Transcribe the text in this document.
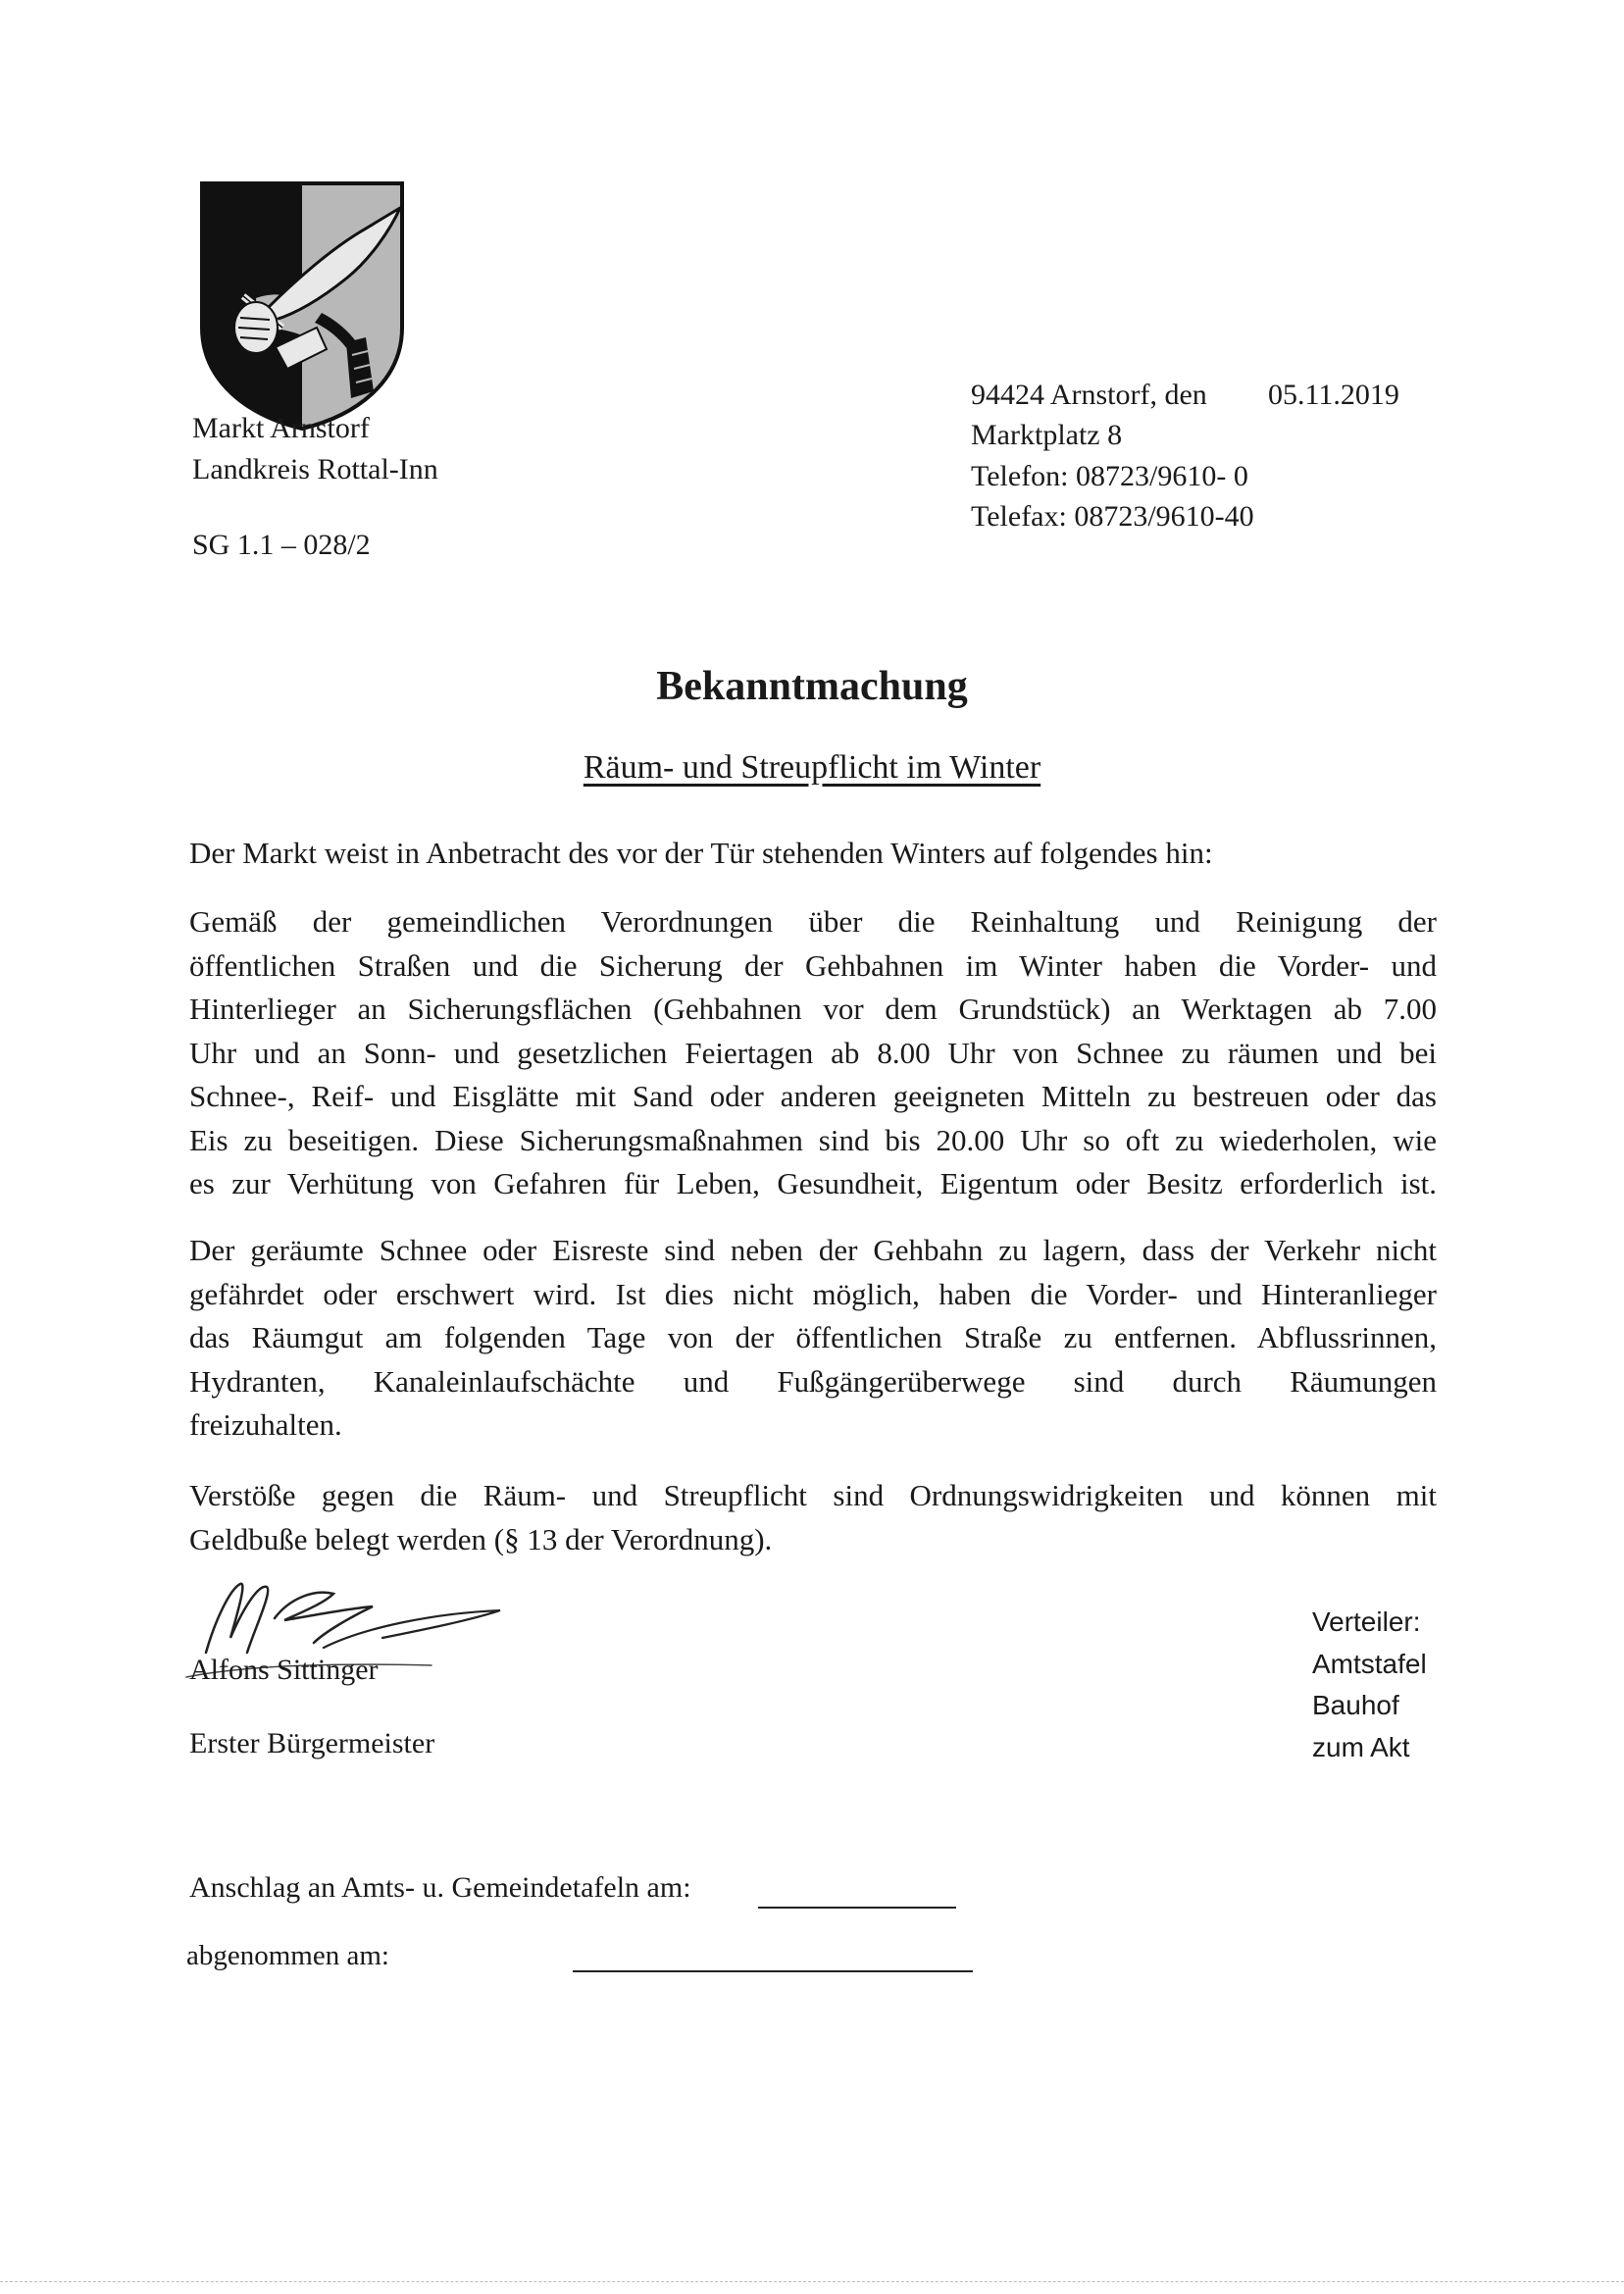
Markt Arnstorf
Landkreis Rottal-Inn
SG 1.1 – 028/2
94424 Arnstorf, den 05.11.2019
Marktplatz 8
Telefon: 08723/9610- 0
Telefax: 08723/9610-40
Bekanntmachung
Räum- und Streupflicht im Winter
Der Markt weist in Anbetracht des vor der Tür stehenden Winters auf folgendes hin:
Gemäß der gemeindlichen Verordnungen über die Reinhaltung und Reinigung der
öffentlichen Straßen und die Sicherung der Gehbahnen im Winter haben die Vorder- und
Hinterlieger an Sicherungsflächen (Gehbahnen vor dem Grundstück) an Werktagen ab 7.00
Uhr und an Sonn- und gesetzlichen Feiertagen ab 8.00 Uhr von Schnee zu räumen und bei
Schnee-, Reif- und Eisglätte mit Sand oder anderen geeigneten Mitteln zu bestreuen oder das
Eis zu beseitigen. Diese Sicherungsmaßnahmen sind bis 20.00 Uhr so oft zu wiederholen, wie
es zur Verhütung von Gefahren für Leben, Gesundheit, Eigentum oder Besitz erforderlich ist.
Der geräumte Schnee oder Eisreste sind neben der Gehbahn zu lagern, dass der Verkehr nicht
gefährdet oder erschwert wird. Ist dies nicht möglich, haben die Vorder- und Hinteranlieger
das Räumgut am folgenden Tage von der öffentlichen Straße zu entfernen. Abflussrinnen,
Hydranten, Kanaleinlaufschächte und Fußgängerüberwege sind durch Räumungen
freizuhalten.
Verstöße gegen die Räum- und Streupflicht sind Ordnungswidrigkeiten und können mit
Geldbuße belegt werden (§ 13 der Verordnung).
Alfons Sittinger
Erster Bürgermeister
Verteiler:
Amtstafel
Bauhof
zum Akt
Anschlag an Amts- u. Gemeindetafeln am:
abgenommen am:
